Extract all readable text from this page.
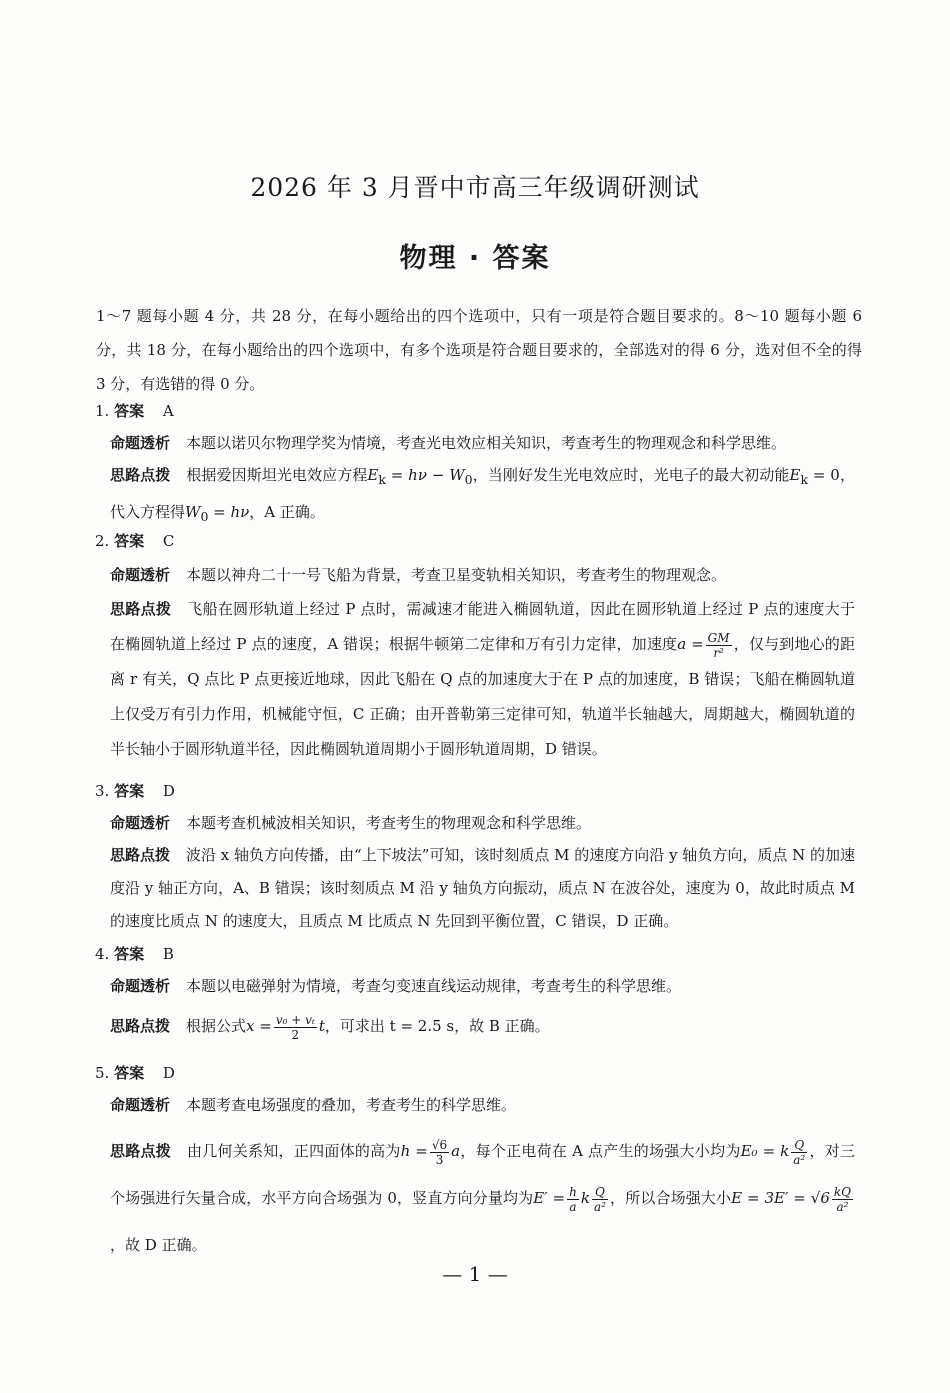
2026 年 3 月晋中市高三年级调研测试
物理 · 答案
1～7 题每小题 4 分，共 28 分，在每小题给出的四个选项中，只有一项是符合题目要求的。8～10 题每小题 6 分，共 18 分，在每小题给出的四个选项中，有多个选项是符合题目要求的，全部选对的得 6 分，选对但不全的得 3 分，有选错的得 0 分。
1. 答案 A
命题透析 本题以诺贝尔物理学奖为情境，考查光电效应相关知识，考查考生的物理观念和科学思维。
思路点拨 根据爱因斯坦光电效应方程$E_k = h\nu - W_0$，当刚好发生光电效应时，光电子的最大初动能$E_k = 0$，代入方程得$W_0 = h\nu$，A 正确。
2. 答案 C
命题透析 本题以神舟二十一号飞船为背景，考查卫星变轨相关知识，考查考生的物理观念。
思路点拨 飞船在圆形轨道上经过 P 点时，需减速才能进入椭圆轨道，因此在圆形轨道上经过 P 点的速度大于在椭圆轨道上经过 P 点的速度，A 错误；根据牛顿第二定律和万有引力定律，加速度$a = \frac{GM}{\text{r²}}$ ，仅与到地心的距离 r 有关，Q 点比 P 点更接近地球，因此飞船在 Q 点的加速度大于在 P 点的加速度，B 错误；飞船在椭圆轨道上仅受万有引力作用，机械能守恒，C 正确；由开普勒第三定律可知，轨道半长轴越大，周期越大，椭圆轨道的半长轴小于圆形轨道半径，因此椭圆轨道周期小于圆形轨道周期，D 错误。
3. 答案 D
命题透析 本题考查机械波相关知识，考查考生的物理观念和科学思维。
思路点拨 波沿 x 轴负方向传播，由“上下坡法”可知，该时刻质点 M 的速度方向沿 y 轴负方向，质点 N 的加速度沿 y 轴正方向，A、B 错误；该时刻质点 M 沿 y 轴负方向振动，质点 N 在波谷处，速度为 0，故此时质点 M 的速度比质点 N 的速度大，且质点 M 比质点 N 先回到平衡位置，C 错误，D 正确。
4. 答案 B
命题透析 本题以电磁弹射为情境，考查匀变速直线运动规律，考查考生的科学思维。
思路点拨 根据公式$x = \frac{\text{v₀ + vₜ}}{2}$ t，可求出 t = 2.5 s，故 B 正确。
5. 答案 D
命题透析 本题考查电场强度的叠加，考查考生的科学思维。
思路点拨 由几何关系知，正四面体的高为$h = \frac{√6}{3}$ a，每个正电荷在 A 点产生的场强大小均为E₀ = k $\frac{Q}{\text{a²}}$ ，对三个场强进行矢量合成，水平方向合场强为 0，竖直方向分量均为$E' = \frac{h}{a}$ k $\frac{Q}{\text{a²}}$ ，所以合场强大小$E = 3E' = √6 \frac{kQ}{\text{a²}}$
，故 D 正确。
— 1 —
